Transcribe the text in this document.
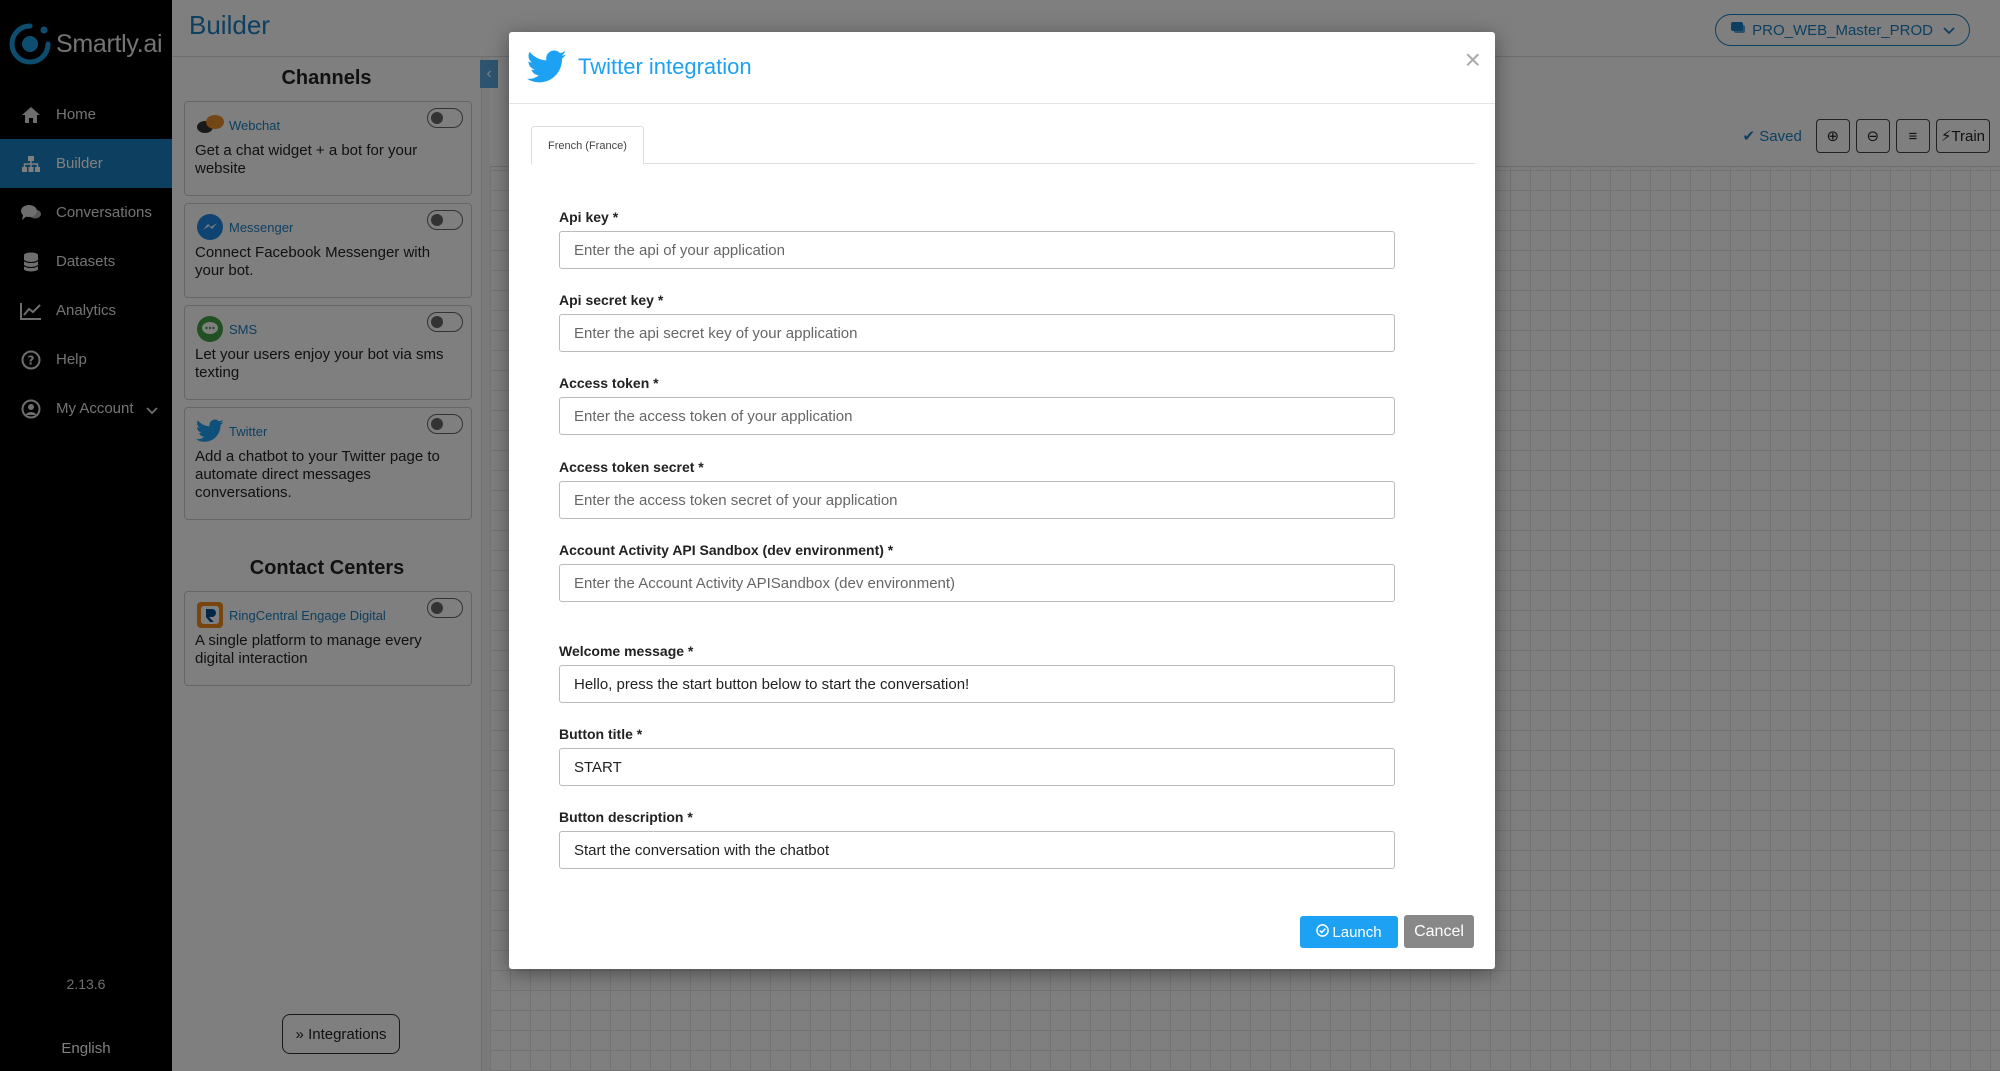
Twitter integration	×
French (France)
Api key *
Enter the api of your application
Api secret key *
Enter the api secret key of your application
Access token *
Enter the access token of your application
Access token secret *
Enter the access token secret of your application
Account Activity API Sandbox (dev environment) *
Enter the Account Activity APISandbox (dev environment)
Welcome message *
Hello, press the start button below to start the conversation!
Button title *
START
Button description *
Start the conversation with the chatbot
Launch	Cancel
